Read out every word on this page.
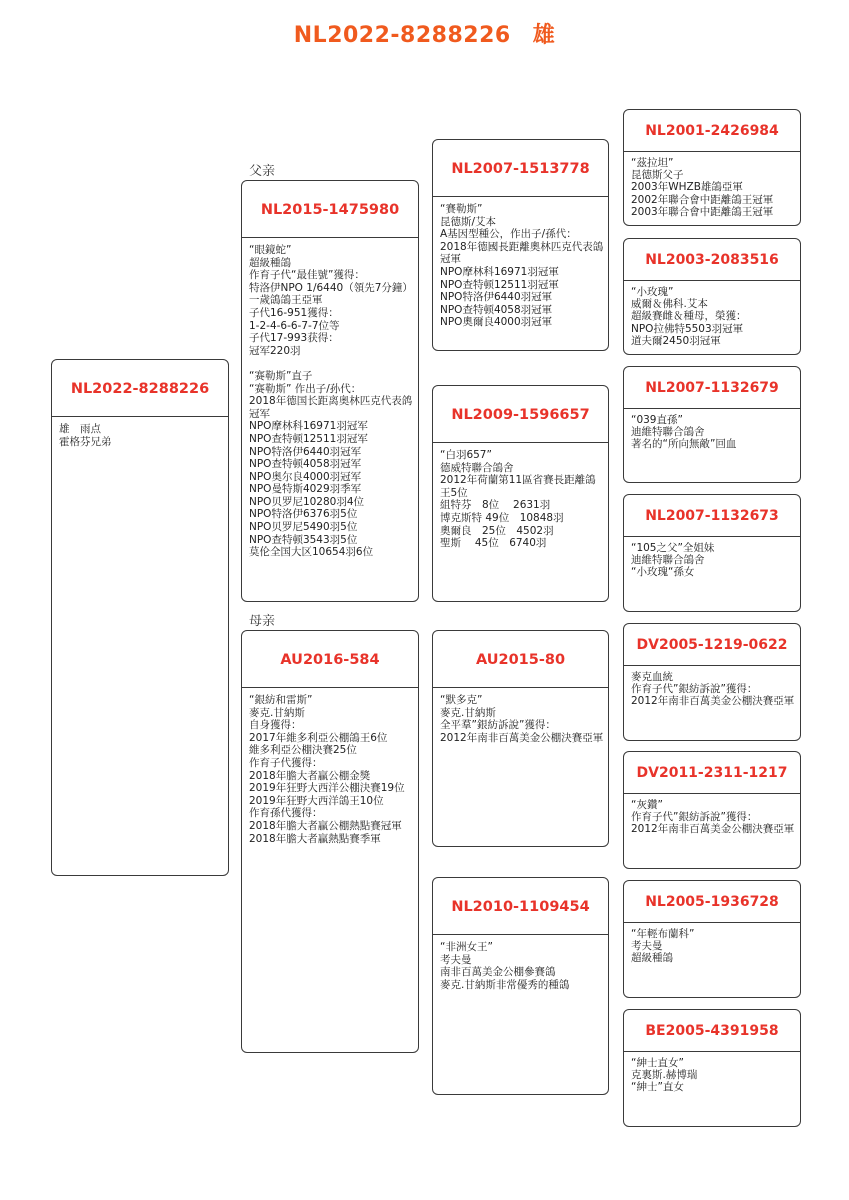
NL2022-8288226 雄
父亲
母亲
NL2022-8288226
雄　雨点
霍格芬兄弟
NL2015-1475980
“眼鏡蛇”
超級種鴿
作育子代“最佳號”獲得：
特洛伊NPO 1/6440（領先7分鐘）
一歲鴿鴿王亞軍
子代16-951獲得：
1-2-4-6-6-7-7位等
子代17-993获得：
冠军220羽

“赛勒斯”直子
“赛勒斯” 作出子/孙代：
2018年德国长距离奥林匹克代表鸽冠军
NPO摩林科16971羽冠军
NPO查特顿12511羽冠军
NPO特洛伊6440羽冠军
NPO查特顿4058羽冠军
NPO奥尔良4000羽冠军
NPO曼特斯4029羽季军
NPO贝罗尼10280羽4位
NPO特洛伊6376羽5位
NPO贝罗尼5490羽5位
NPO查特顿3543羽5位
莫伦全国大区10654羽6位
AU2016-584
“銀紡和雷斯”
麥克.甘納斯
自身獲得：
2017年維多利亞公棚鴿王6位
維多利亞公棚決賽25位
作育子代獲得：
2018年膽大者贏公棚金獎
2019年狂野大西洋公棚決賽19位
2019年狂野大西洋鴿王10位
作育孫代獲得：
2018年膽大者贏公棚熱點賽冠軍
2018年膽大者贏熱點賽季軍
NL2007-1513778
“賽勒斯”
昆德斯/艾本
A基因型種公，作出子/孫代：
2018年德國長距離奧林匹克代表鴿冠軍
NPO摩林科16971羽冠軍
NPO查特顿12511羽冠軍
NPO特洛伊6440羽冠軍
NPO查特顿4058羽冠軍
NPO奧爾良4000羽冠軍
NL2009-1596657
“白羽657”
德威特聯合鴿舍
2012年荷蘭第11區省賽長距離鴿王5位
組特芬　8位　 2631羽
博克斯特 49位　10848羽
奧爾良　25位　4502羽
聖斯　 45位　6740羽
AU2015-80
“默多克”
麥克.甘納斯
全平羣”銀紡訴說”獲得：
2012年南非百萬美金公棚決賽亞軍
NL2010-1109454
“非洲女王”
考夫曼
南非百萬美金公棚參賽鴿
麥克.甘納斯非常優秀的種鴿
NL2001-2426984
“茲拉坦”
昆德斯父子
2003年WHZB雄鴿亞軍
2002年聯合會中距離鴿王冠軍
2003年聯合會中距離鴿王冠軍
NL2003-2083516
“小玫瑰”
威爾＆佛科.艾本
超級賽雌＆種母，榮獲：
NPO拉佛特5503羽冠軍
道夫爾2450羽冠軍
NL2007-1132679
“039直孫”
迪維特聯合鴿舍
著名的“所向無敵”回血
NL2007-1132673
“105之父”全姐妹
迪維特聯合鴿舍
“小玫瑰“孫女
DV2005-1219-0622
麥克血統
作育子代”銀紡訴說”獲得：
2012年南非百萬美金公棚決賽亞軍
DV2011-2311-1217
“灰鑽”
作育子代”銀紡訴說”獲得：
2012年南非百萬美金公棚決賽亞軍
NL2005-1936728
“年輕布蘭科”
考夫曼
超級種鴿
BE2005-4391958
“紳士直女”
克裏斯.赫博瑞
“紳士”直女
